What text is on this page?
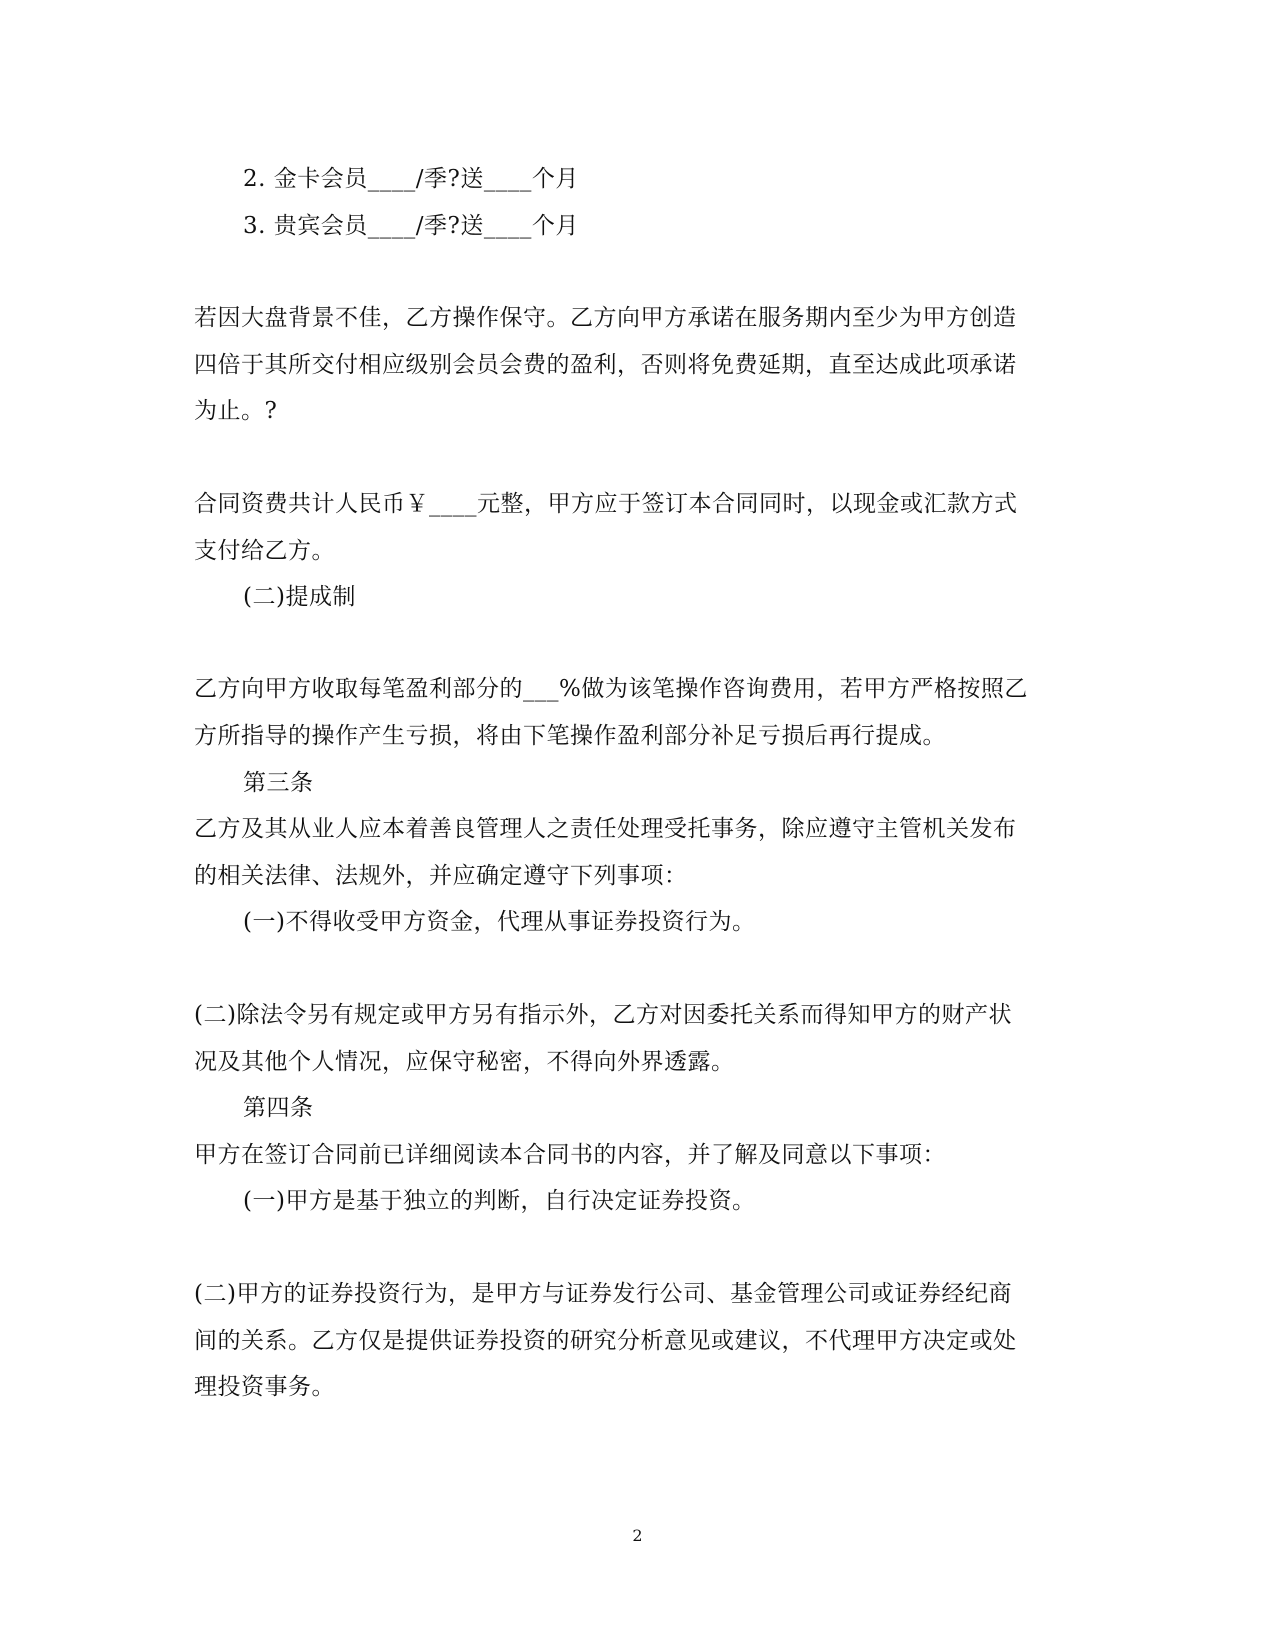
2. 金卡会员____/季?送____个月
3. 贵宾会员____/季?送____个月
若因大盘背景不佳，乙方操作保守。乙方向甲方承诺在服务期内至少为甲方创造
四倍于其所交付相应级别会员会费的盈利，否则将免费延期，直至达成此项承诺
为止。?
合同资费共计人民币￥____元整，甲方应于签订本合同同时，以现金或汇款方式
支付给乙方。
(二)提成制
乙方向甲方收取每笔盈利部分的___%做为该笔操作咨询费用，若甲方严格按照乙
方所指导的操作产生亏损，将由下笔操作盈利部分补足亏损后再行提成。
第三条
乙方及其从业人应本着善良管理人之责任处理受托事务，除应遵守主管机关发布
的相关法律、法规外，并应确定遵守下列事项：
(一)不得收受甲方资金，代理从事证券投资行为。
(二)除法令另有规定或甲方另有指示外，乙方对因委托关系而得知甲方的财产状
况及其他个人情况，应保守秘密，不得向外界透露。
第四条
甲方在签订合同前已详细阅读本合同书的内容，并了解及同意以下事项：
(一)甲方是基于独立的判断，自行决定证券投资。
(二)甲方的证券投资行为，是甲方与证券发行公司、基金管理公司或证券经纪商
间的关系。乙方仅是提供证券投资的研究分析意见或建议，不代理甲方决定或处
理投资事务。
2
